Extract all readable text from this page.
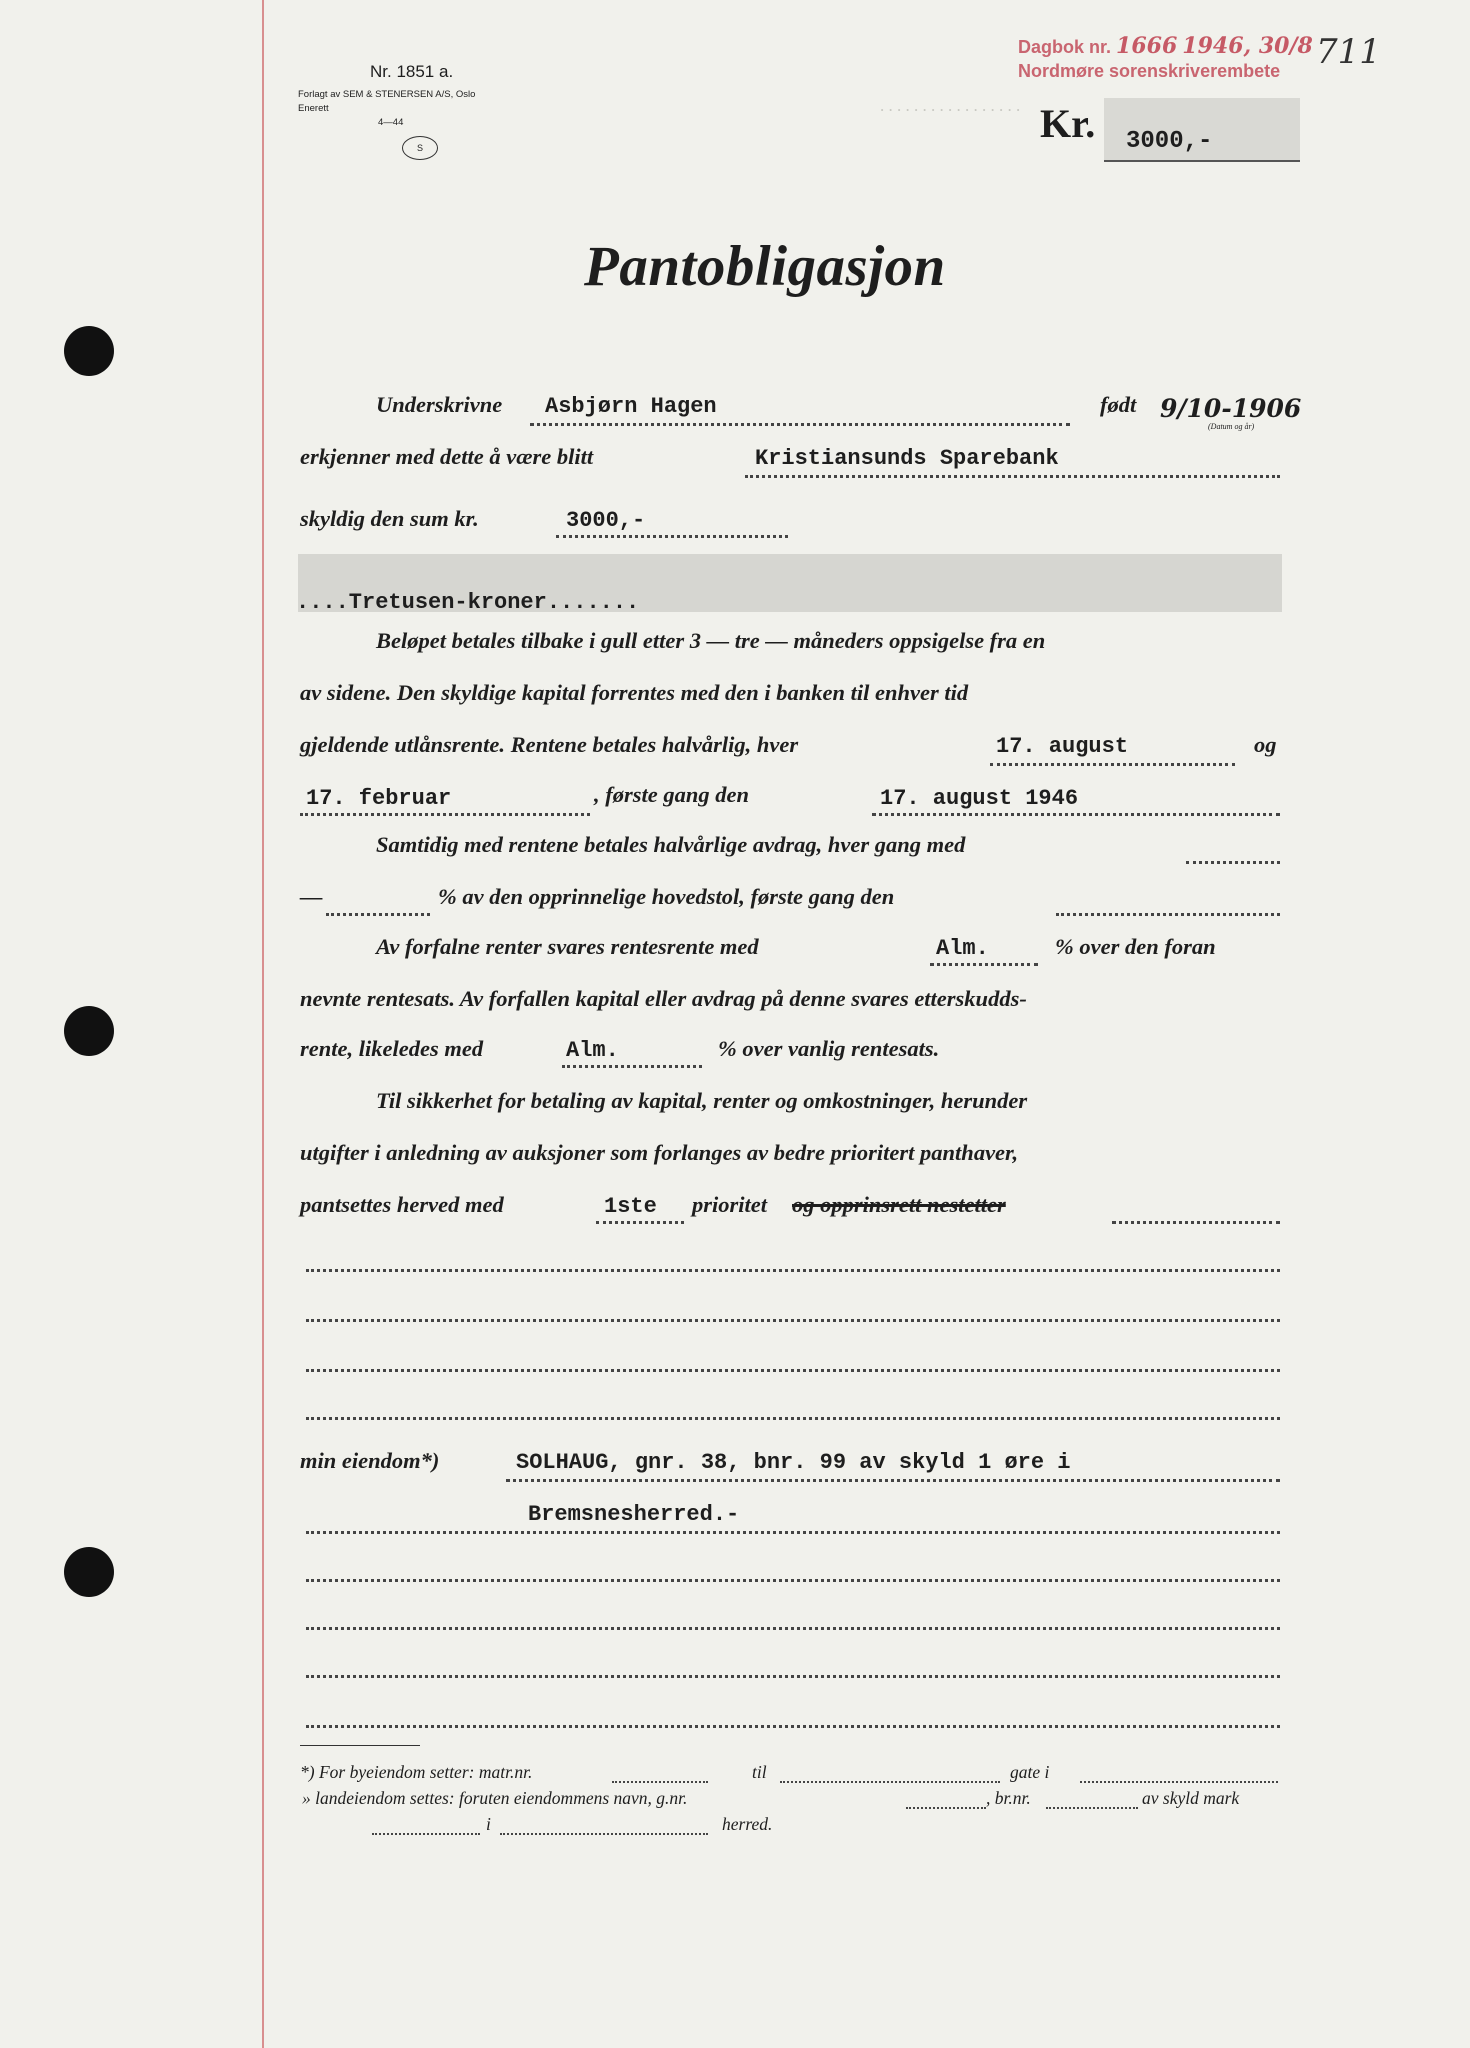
. . . . . . . . . . . . . . . . .
Dagbok nr. 1666 1946, 30/8
Nordmøre sorenskriverembete	711
Nr. 1851 a.
Forlagt av SEM & STENERSEN A/S, Oslo
Enerett
4—44
S
Kr. 3000,-
Pantobligasjon
Underskrivne Asbjørn Hagen	født 9/10-1906
(Datum og år)
erkjenner med dette å være blitt	Kristiansunds Sparebank
skyldig den sum kr.	3000,-
....Tretusen-kroner.......
Beløpet betales tilbake i gull etter 3 — tre — måneders oppsigelse fra en
av sidene. Den skyldige kapital forrentes med den i banken til enhver tid
gjeldende utlånsrente. Rentene betales halvårlig, hver	17. august	og
17. februar	, første gang den	17. august 1946
Samtidig med rentene betales halvårlige avdrag, hver gang med
—	% av den opprinnelige hovedstol, første gang den
Av forfalne renter svares rentesrente med	Alm.	% over den foran
nevnte rentesats. Av forfallen kapital eller avdrag på denne svares etterskudds-
rente, likeledes med	Alm.	% over vanlig rentesats.
Til sikkerhet for betaling av kapital, renter og omkostninger, herunder
utgifter i anledning av auksjoner som forlanges av bedre prioritert panthaver,
pantsettes herved med	1ste prioritet og opprinsrett nestetter
min eiendom*)	SOLHAUG, gnr. 38, bnr. 99 av skyld 1 øre i
Bremsnesherred.-
*) For byeiendom setter: matr.nr.	til	gate i
» landeiendom settes: foruten eiendommens navn, g.nr.	, br.nr.	av skyld mark
i	herred.
